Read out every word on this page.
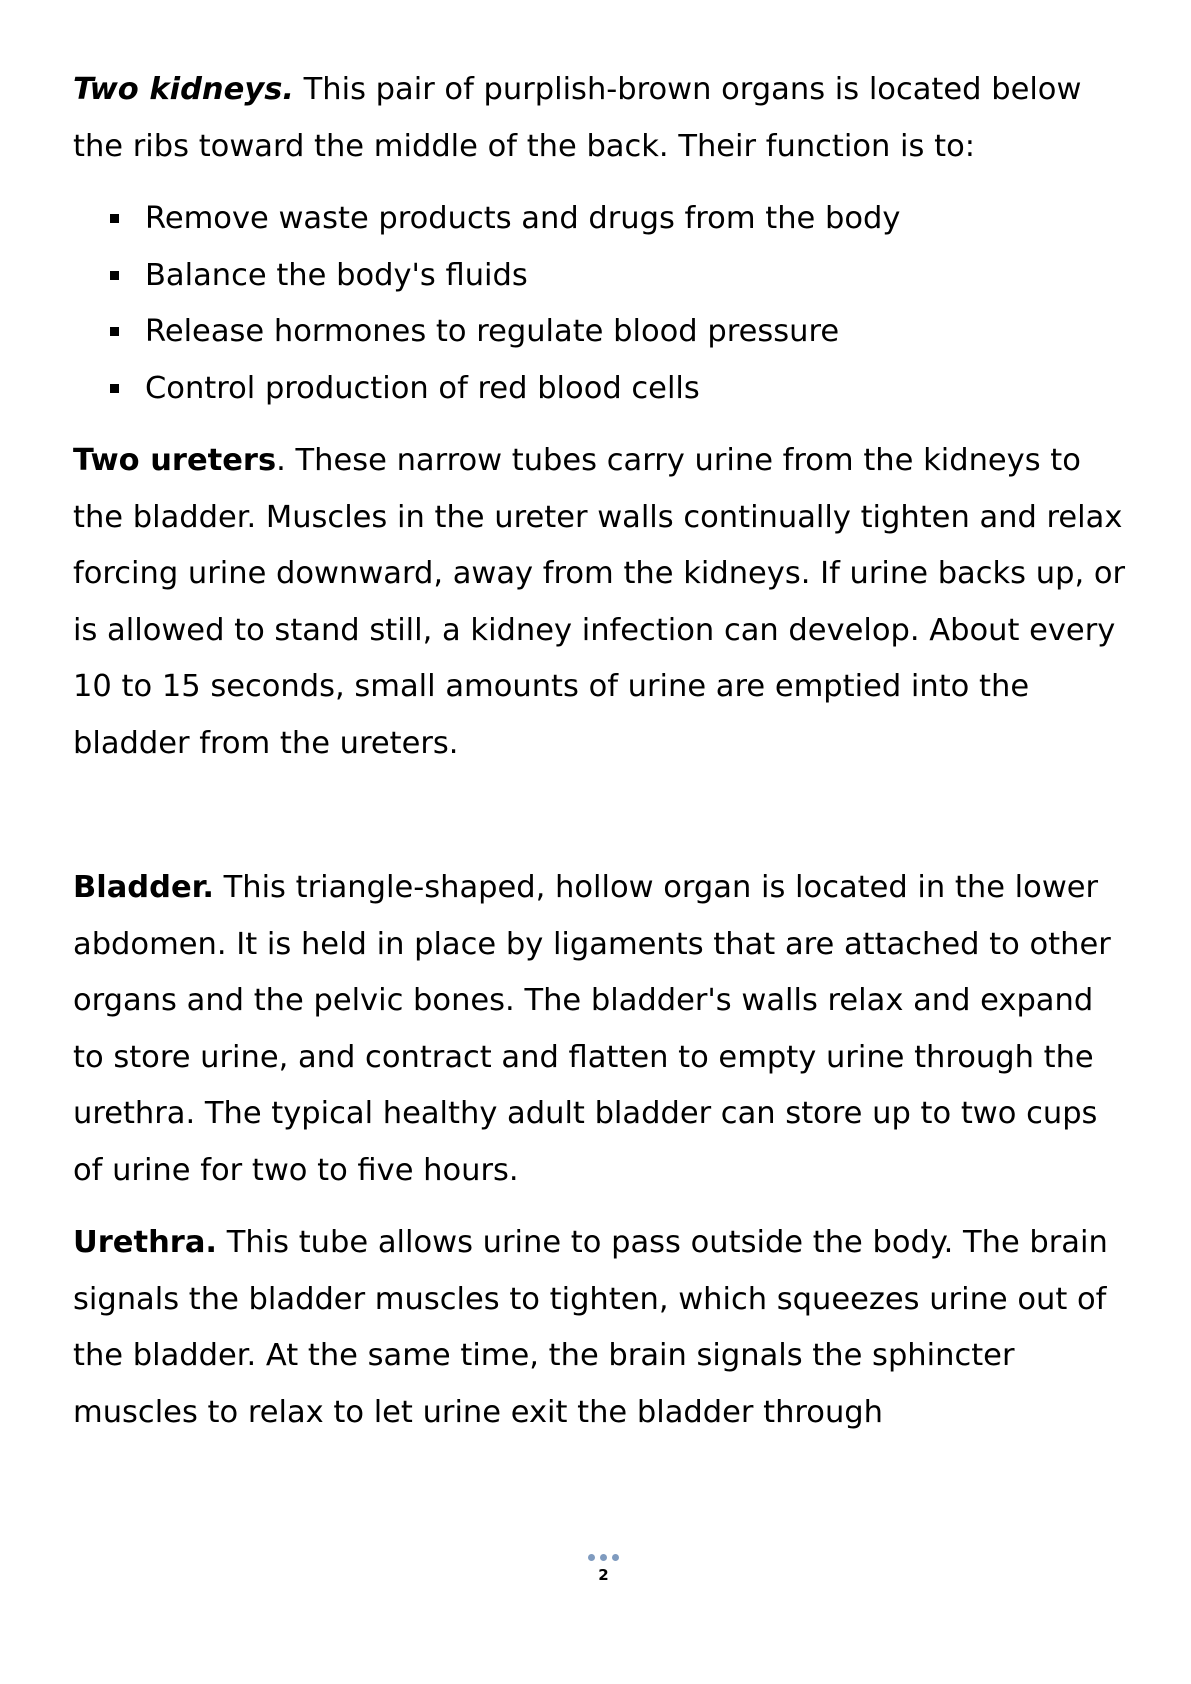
Two kidneys. This pair of purplish-brown organs is located below the ribs toward the middle of the back. Their function is to:

Remove waste products and drugs from the body
Balance the body's fluids
Release hormones to regulate blood pressure
Control production of red blood cells

Two ureters. These narrow tubes carry urine from the kidneys to the bladder. Muscles in the ureter walls continually tighten and relax forcing urine downward, away from the kidneys. If urine backs up, or is allowed to stand still, a kidney infection can develop. About every 10 to 15 seconds, small amounts of urine are emptied into the bladder from the ureters.

Bladder. This triangle-shaped, hollow organ is located in the lower abdomen. It is held in place by ligaments that are attached to other organs and the pelvic bones. The bladder's walls relax and expand to store urine, and contract and flatten to empty urine through the urethra. The typical healthy adult bladder can store up to two cups of urine for two to five hours.

Urethra. This tube allows urine to pass outside the body. The brain signals the bladder muscles to tighten, which squeezes urine out of the bladder. At the same time, the brain signals the sphincter muscles to relax to let urine exit the bladder through

2
